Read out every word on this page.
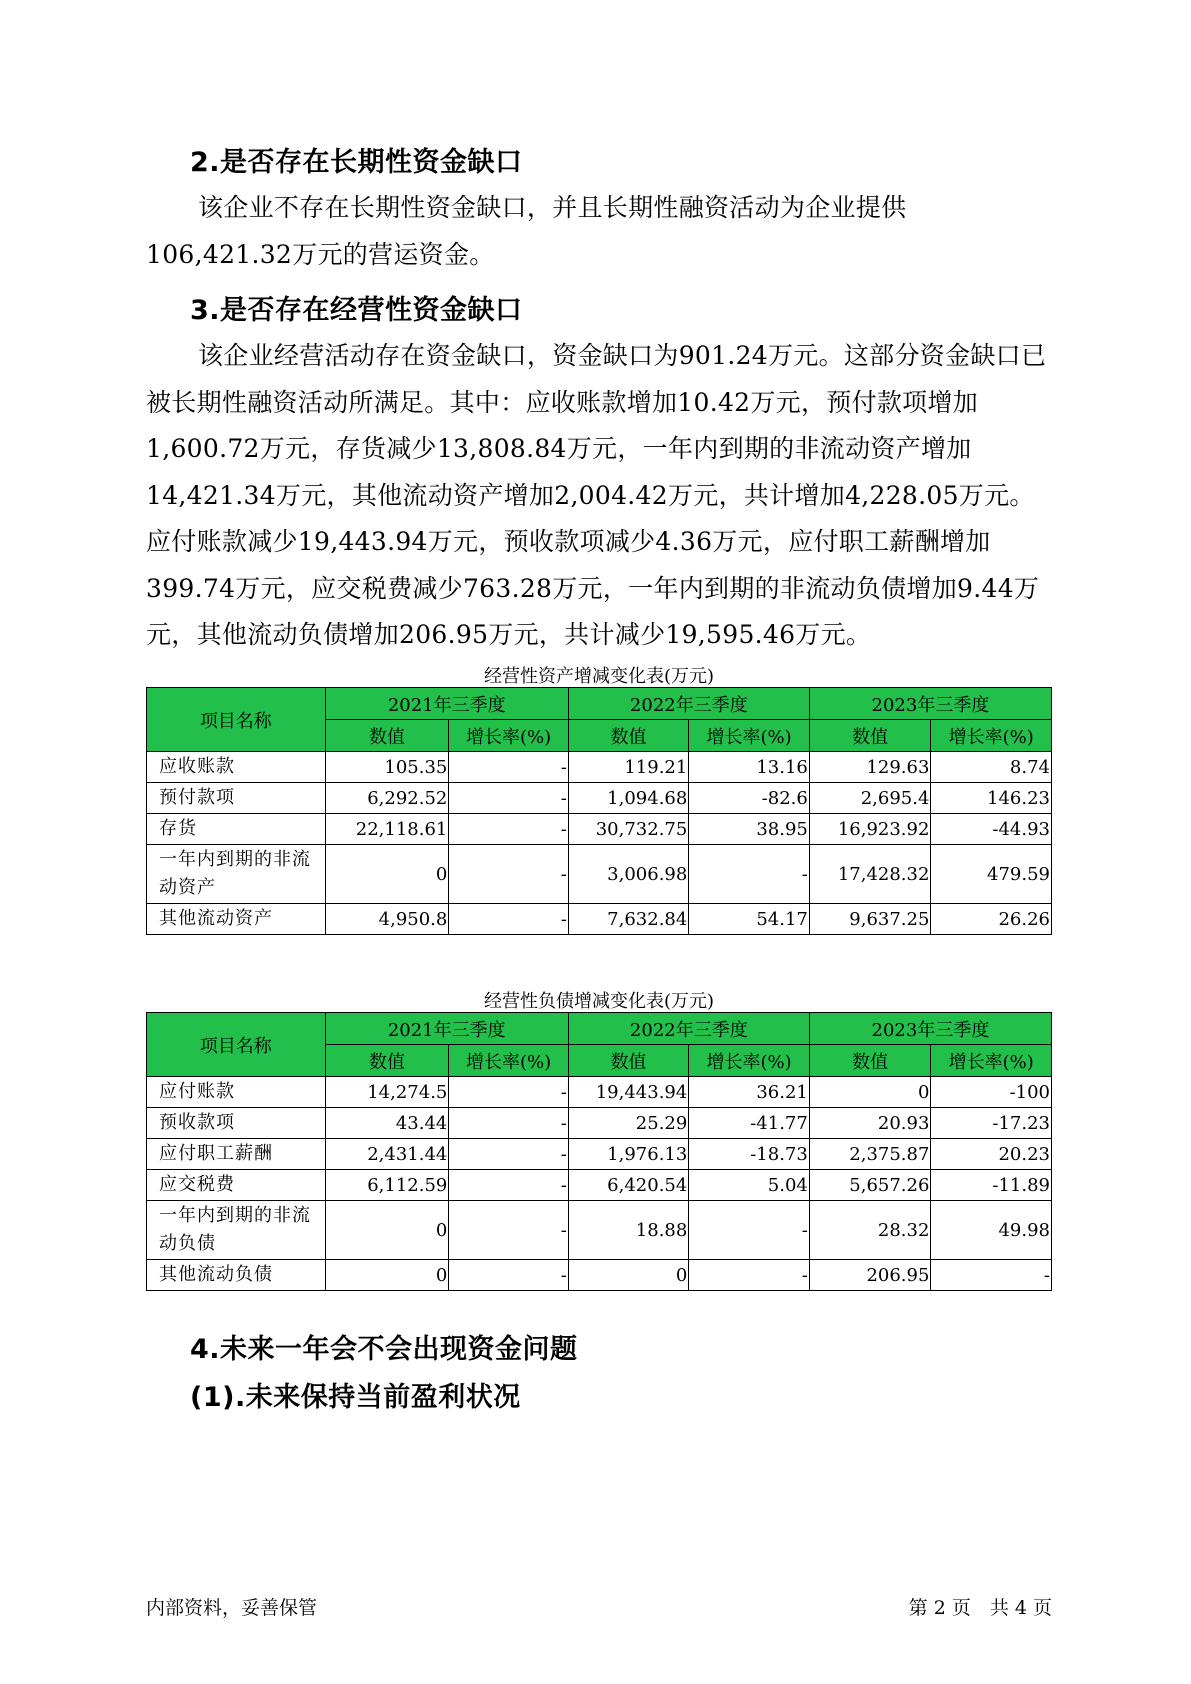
2.是否存在长期性资金缺口

该企业不存在长期性资金缺口，并且长期性融资活动为企业提供106,421.32万元的营运资金。

3.是否存在经营性资金缺口

该企业经营活动存在资金缺口，资金缺口为901.24万元。这部分资金缺口已被长期性融资活动所满足。其中：应收账款增加10.42万元，预付款项增加1,600.72万元，存货减少13,808.84万元，一年内到期的非流动资产增加14,421.34万元，其他流动资产增加2,004.42万元，共计增加4,228.05万元。应付账款减少19,443.94万元，预收款项减少4.36万元，应付职工薪酬增加399.74万元，应交税费减少763.28万元，一年内到期的非流动负债增加9.44万元，其他流动负债增加206.95万元，共计减少19,595.46万元。

经营性资产增减变化表(万元)

项目名称	2021年三季度		2022年三季度		2023年三季度	
	数值	增长率(%)	数值	增长率(%)	数值	增长率(%)
应收账款	105.35	-	119.21	13.16	129.63	8.74
预付款项	6,292.52	-	1,094.68	-82.6	2,695.4	146.23
存货	22,118.61	-	30,732.75	38.95	16,923.92	-44.93
一年内到期的非流动资产	0	-	3,006.98	-	17,428.32	479.59
其他流动资产	4,950.8	-	7,632.84	54.17	9,637.25	26.26

经营性负债增减变化表(万元)

项目名称	2021年三季度		2022年三季度		2023年三季度	
	数值	增长率(%)	数值	增长率(%)	数值	增长率(%)
应付账款	14,274.5	-	19,443.94	36.21	0	-100
预收款项	43.44	-	25.29	-41.77	20.93	-17.23
应付职工薪酬	2,431.44	-	1,976.13	-18.73	2,375.87	20.23
应交税费	6,112.59	-	6,420.54	5.04	5,657.26	-11.89
一年内到期的非流动负债	0	-	18.88	-	28.32	49.98
其他流动负债	0	-	0	-	206.95	-
4.未来一年会不会出现资金问题
(1).未来保持当前盈利状况
内部资料，妥善保管	第 2 页　共 4 页
